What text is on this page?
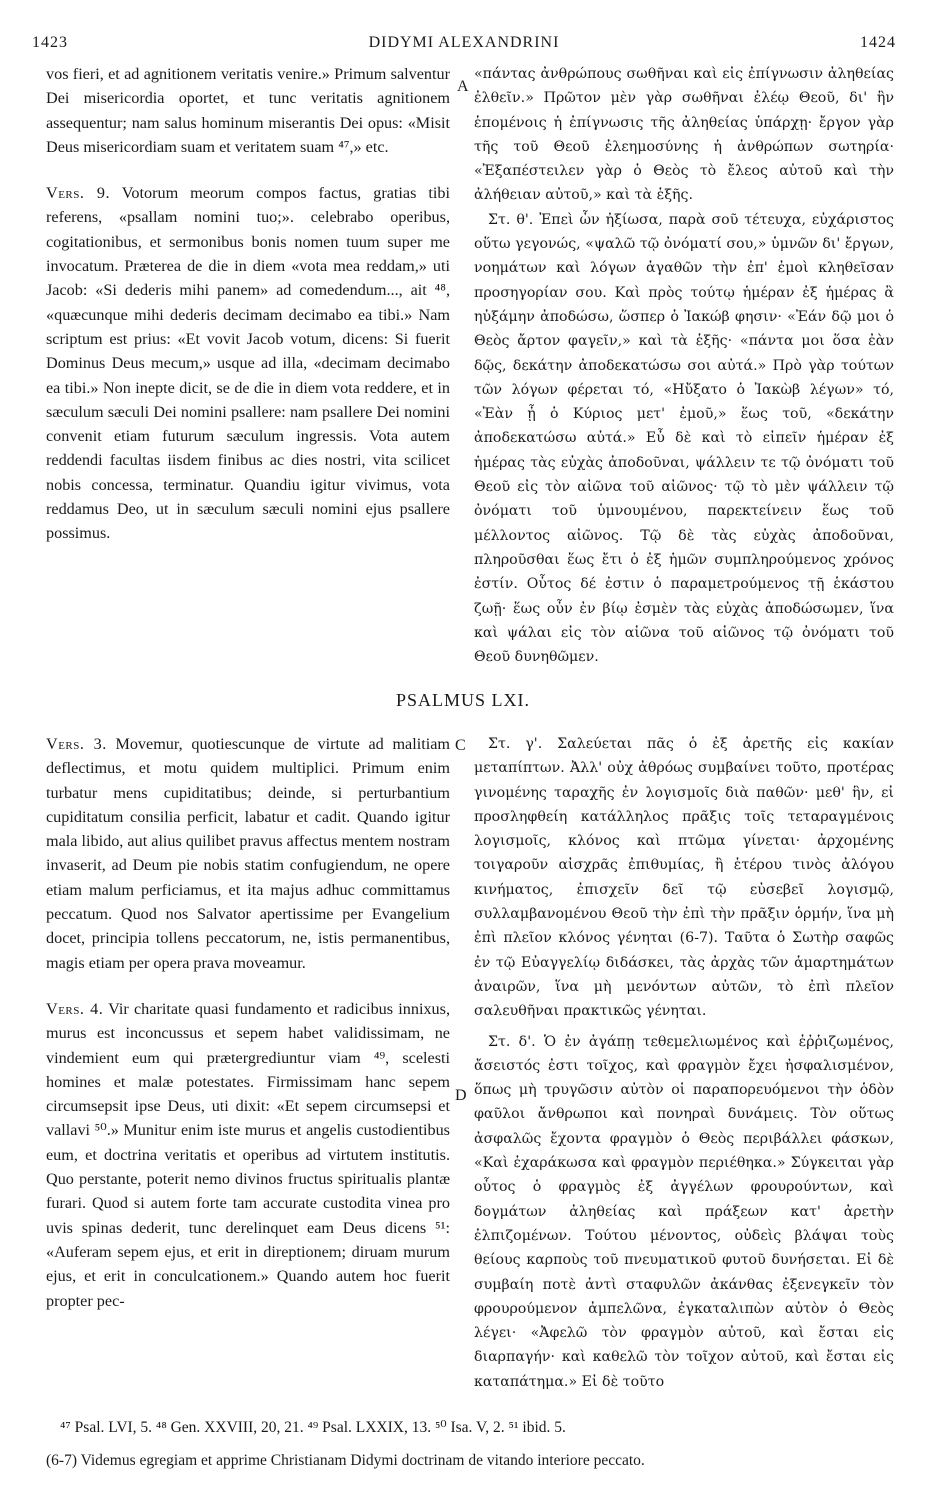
1423	DIDYMI ALEXANDRINI	1424
A
C
D

vos fieri, et ad agnitionem veritatis venire.» Primum salventur Dei misericordia oportet, et tunc veritatis agnitionem assequentur; nam salus hominum miserantis Dei opus: «Misit Deus misericordiam suam et veritatem suam ⁴⁷,» etc.

Vers. 9. Votorum meorum compos factus, gratias tibi referens, «psallam nomini tuo;». celebrabo operibus, cogitationibus, et sermonibus bonis nomen tuum super me invocatum. Præterea de die in diem «vota mea reddam,» uti Jacob: «Si dederis mihi panem» ad comedendum..., ait ⁴⁸, «quæcunque mihi dederis decimam decimabo ea tibi.» Nam scriptum est prius: «Et vovit Jacob votum, dicens: Si fuerit Dominus Deus mecum,» usque ad illa, «decimam decimabo ea tibi.» Non inepte dicit, se de die in diem vota reddere, et in sæculum sæculi Dei nomini psallere: nam psallere Dei nomini convenit etiam futurum sæculum ingressis. Vota autem reddendi facultas iisdem finibus ac dies nostri, vita scilicet nobis concessa, terminatur. Quandiu igitur vivimus, vota reddamus Deo, ut in sæculum sæculi nomini ejus psallere possimus.

«πάντας ἀνθρώπους σωθῆναι καὶ εἰς ἐπίγνωσιν ἀληθείας ἐλθεῖν.» Πρῶτον μὲν γὰρ σωθῆναι ἐλέῳ Θεοῦ, δι' ἣν ἑπομένοις ἡ ἐπίγνωσις τῆς ἀληθείας ὑπάρχῃ· ἔργον γὰρ τῆς τοῦ Θεοῦ ἐλεημοσύνης ἡ ἀνθρώπων σωτηρία· «Ἐξαπέστειλεν γὰρ ὁ Θεὸς τὸ ἔλεος αὐτοῦ καὶ τὴν ἀλήθειαν αὐτοῦ,» καὶ τὰ ἑξῆς.

Στ. θ'. Ἐπεὶ ὧν ἠξίωσα, παρὰ σοῦ τέτευχα, εὐχάριστος οὕτω γεγονώς, «ψαλῶ τῷ ὀνόματί σου,» ὑμνῶν δι' ἔργων, νοημάτων καὶ λόγων ἀγαθῶν τὴν ἐπ' ἐμοὶ κληθεῖσαν προσηγορίαν σου. Καὶ πρὸς τούτῳ ἡμέραν ἐξ ἡμέρας ἃ ηὐξάμην ἀποδώσω, ὥσπερ ὁ Ἰακώβ φησιν· «Ἐάν δῷ μοι ὁ Θεὸς ἄρτον φαγεῖν,» καὶ τὰ ἑξῆς· «πάντα μοι ὅσα ἐὰν δῷς, δεκάτην ἀποδεκατώσω σοι αὐτά.» Πρὸ γὰρ τούτων τῶν λόγων φέρεται τό, «Ηὔξατο ὁ Ἰακὼβ λέγων» τό, «Ἐὰν ᾖ ὁ Κύριος μετ' ἐμοῦ,» ἕως τοῦ, «δεκάτην ἀποδεκατώσω αὐτά.» Εὖ δὲ καὶ τὸ εἰπεῖν ἡμέραν ἐξ ἡμέρας τὰς εὐχὰς ἀποδοῦναι, ψάλλειν τε τῷ ὀνόματι τοῦ Θεοῦ εἰς τὸν αἰῶνα τοῦ αἰῶνος· τῷ τὸ μὲν ψάλλειν τῷ ὀνόματι τοῦ ὑμνουμένου, παρεκτείνειν ἕως τοῦ μέλλοντος αἰῶνος. Τῷ δὲ τὰς εὐχὰς ἀποδοῦναι, πληροῦσθαι ἕως ἔτι ὁ ἐξ ἡμῶν συμπληρούμενος χρόνος ἐστίν. Οὗτος δέ ἐστιν ὁ παραμετρούμενος τῇ ἑκάστου ζωῇ· ἕως οὖν ἐν βίῳ ἐσμὲν τὰς εὐχὰς ἀποδώσωμεν, ἵνα καὶ ψάλαι εἰς τὸν αἰῶνα τοῦ αἰῶνος τῷ ὀνόματι τοῦ Θεοῦ δυνηθῶμεν.

PSALMUS LXI.

Vers. 3. Movemur, quotiescunque de virtute ad malitiam deflectimus, et motu quidem multiplici. Primum enim turbatur mens cupiditatibus; deinde, si perturbantium cupiditatum consilia perficit, labatur et cadit. Quando igitur mala libido, aut alius quilibet pravus affectus mentem nostram invaserit, ad Deum pie nobis statim confugiendum, ne opere etiam malum perficiamus, et ita majus adhuc committamus peccatum. Quod nos Salvator apertissime per Evangelium docet, principia tollens peccatorum, ne, istis permanentibus, magis etiam per opera prava moveamur.

Vers. 4. Vir charitate quasi fundamento et radicibus innixus, murus est inconcussus et sepem habet validissimam, ne vindemient eum qui prætergrediuntur viam ⁴⁹, scelesti homines et malæ potestates. Firmissimam hanc sepem circumsepsit ipse Deus, uti dixit: «Et sepem circumsepsi et vallavi ⁵⁰.» Munitur enim iste murus et angelis custodientibus eum, et doctrina veritatis et operibus ad virtutem institutis. Quo perstante, poterit nemo divinos fructus spiritualis plantæ furari. Quod si autem forte tam accurate custodita vinea pro uvis spinas dederit, tunc derelinquet eam Deus dicens ⁵¹: «Auferam sepem ejus, et erit in direptionem; diruam murum ejus, et erit in conculcationem.» Quando autem hoc fuerit propter pec-

Στ. γ'. Σαλεύεται πᾶς ὁ ἐξ ἀρετῆς εἰς κακίαν μεταπίπτων. Ἀλλ' οὐχ ἀθρόως συμβαίνει τοῦτο, προτέρας γινομένης ταραχῆς ἐν λογισμοῖς διὰ παθῶν· μεθ' ἣν, εἰ προσληφθείη κατάλληλος πρᾶξις τοῖς τεταραγμένοις λογισμοῖς, κλόνος καὶ πτῶμα γίνεται· ἀρχομένης τοιγαροῦν αἰσχρᾶς ἐπιθυμίας, ἢ ἑτέρου τινὸς ἀλόγου κινήματος, ἐπισχεῖν δεῖ τῷ εὐσεβεῖ λογισμῷ, συλλαμβανομένου Θεοῦ τὴν ἐπὶ τὴν πρᾶξιν ὁρμήν, ἵνα μὴ ἐπὶ πλεῖον κλόνος γένηται (6-7). Ταῦτα ὁ Σωτὴρ σαφῶς ἐν τῷ Εὐαγγελίῳ διδάσκει, τὰς ἀρχὰς τῶν ἁμαρτημάτων ἀναιρῶν, ἵνα μὴ μενόντων αὐτῶν, τὸ ἐπὶ πλεῖον σαλευθῆναι πρακτικῶς γένηται.

Στ. δ'. Ὁ ἐν ἀγάπῃ τεθεμελιωμένος καὶ ἐῤῥιζωμένος, ἄσειστός ἐστι τοῖχος, καὶ φραγμὸν ἔχει ἠσφαλισμένον, ὅπως μὴ τρυγῶσιν αὐτὸν οἱ παραπορευόμενοι τὴν ὁδὸν φαῦλοι ἄνθρωποι καὶ πονηραὶ δυνάμεις. Τὸν οὕτως ἀσφαλῶς ἔχοντα φραγμὸν ὁ Θεὸς περιβάλλει φάσκων, «Καὶ ἐχαράκωσα καὶ φραγμὸν περιέθηκα.» Σύγκειται γὰρ οὗτος ὁ φραγμὸς ἐξ ἀγγέλων φρουρούντων, καὶ δογμάτων ἀληθείας καὶ πράξεων κατ' ἀρετὴν ἐλπιζομένων. Τούτου μένοντος, οὐδεὶς βλάψαι τοὺς θείους καρποὺς τοῦ πνευματικοῦ φυτοῦ δυνήσεται. Εἰ δὲ συμβαίη ποτὲ ἀντὶ σταφυλῶν ἀκάνθας ἐξενεγκεῖν τὸν φρουρούμενον ἀμπελῶνα, ἐγκαταλιπὼν αὐτὸν ὁ Θεὸς λέγει· «Ἀφελῶ τὸν φραγμὸν αὐτοῦ, καὶ ἔσται εἰς διαρπαγήν· καὶ καθελῶ τὸν τοῖχον αὐτοῦ, καὶ ἔσται εἰς καταπάτημα.» Εἰ δὲ τοῦτο

⁴⁷ Psal. LVI, 5. ⁴⁸ Gen. XXVIII, 20, 21. ⁴⁹ Psal. LXXIX, 13. ⁵⁰ Isa. V, 2. ⁵¹ ibid. 5.
(6-7) Videmus egregiam et apprime Christianam Didymi doctrinam de vitando interiore peccato.
